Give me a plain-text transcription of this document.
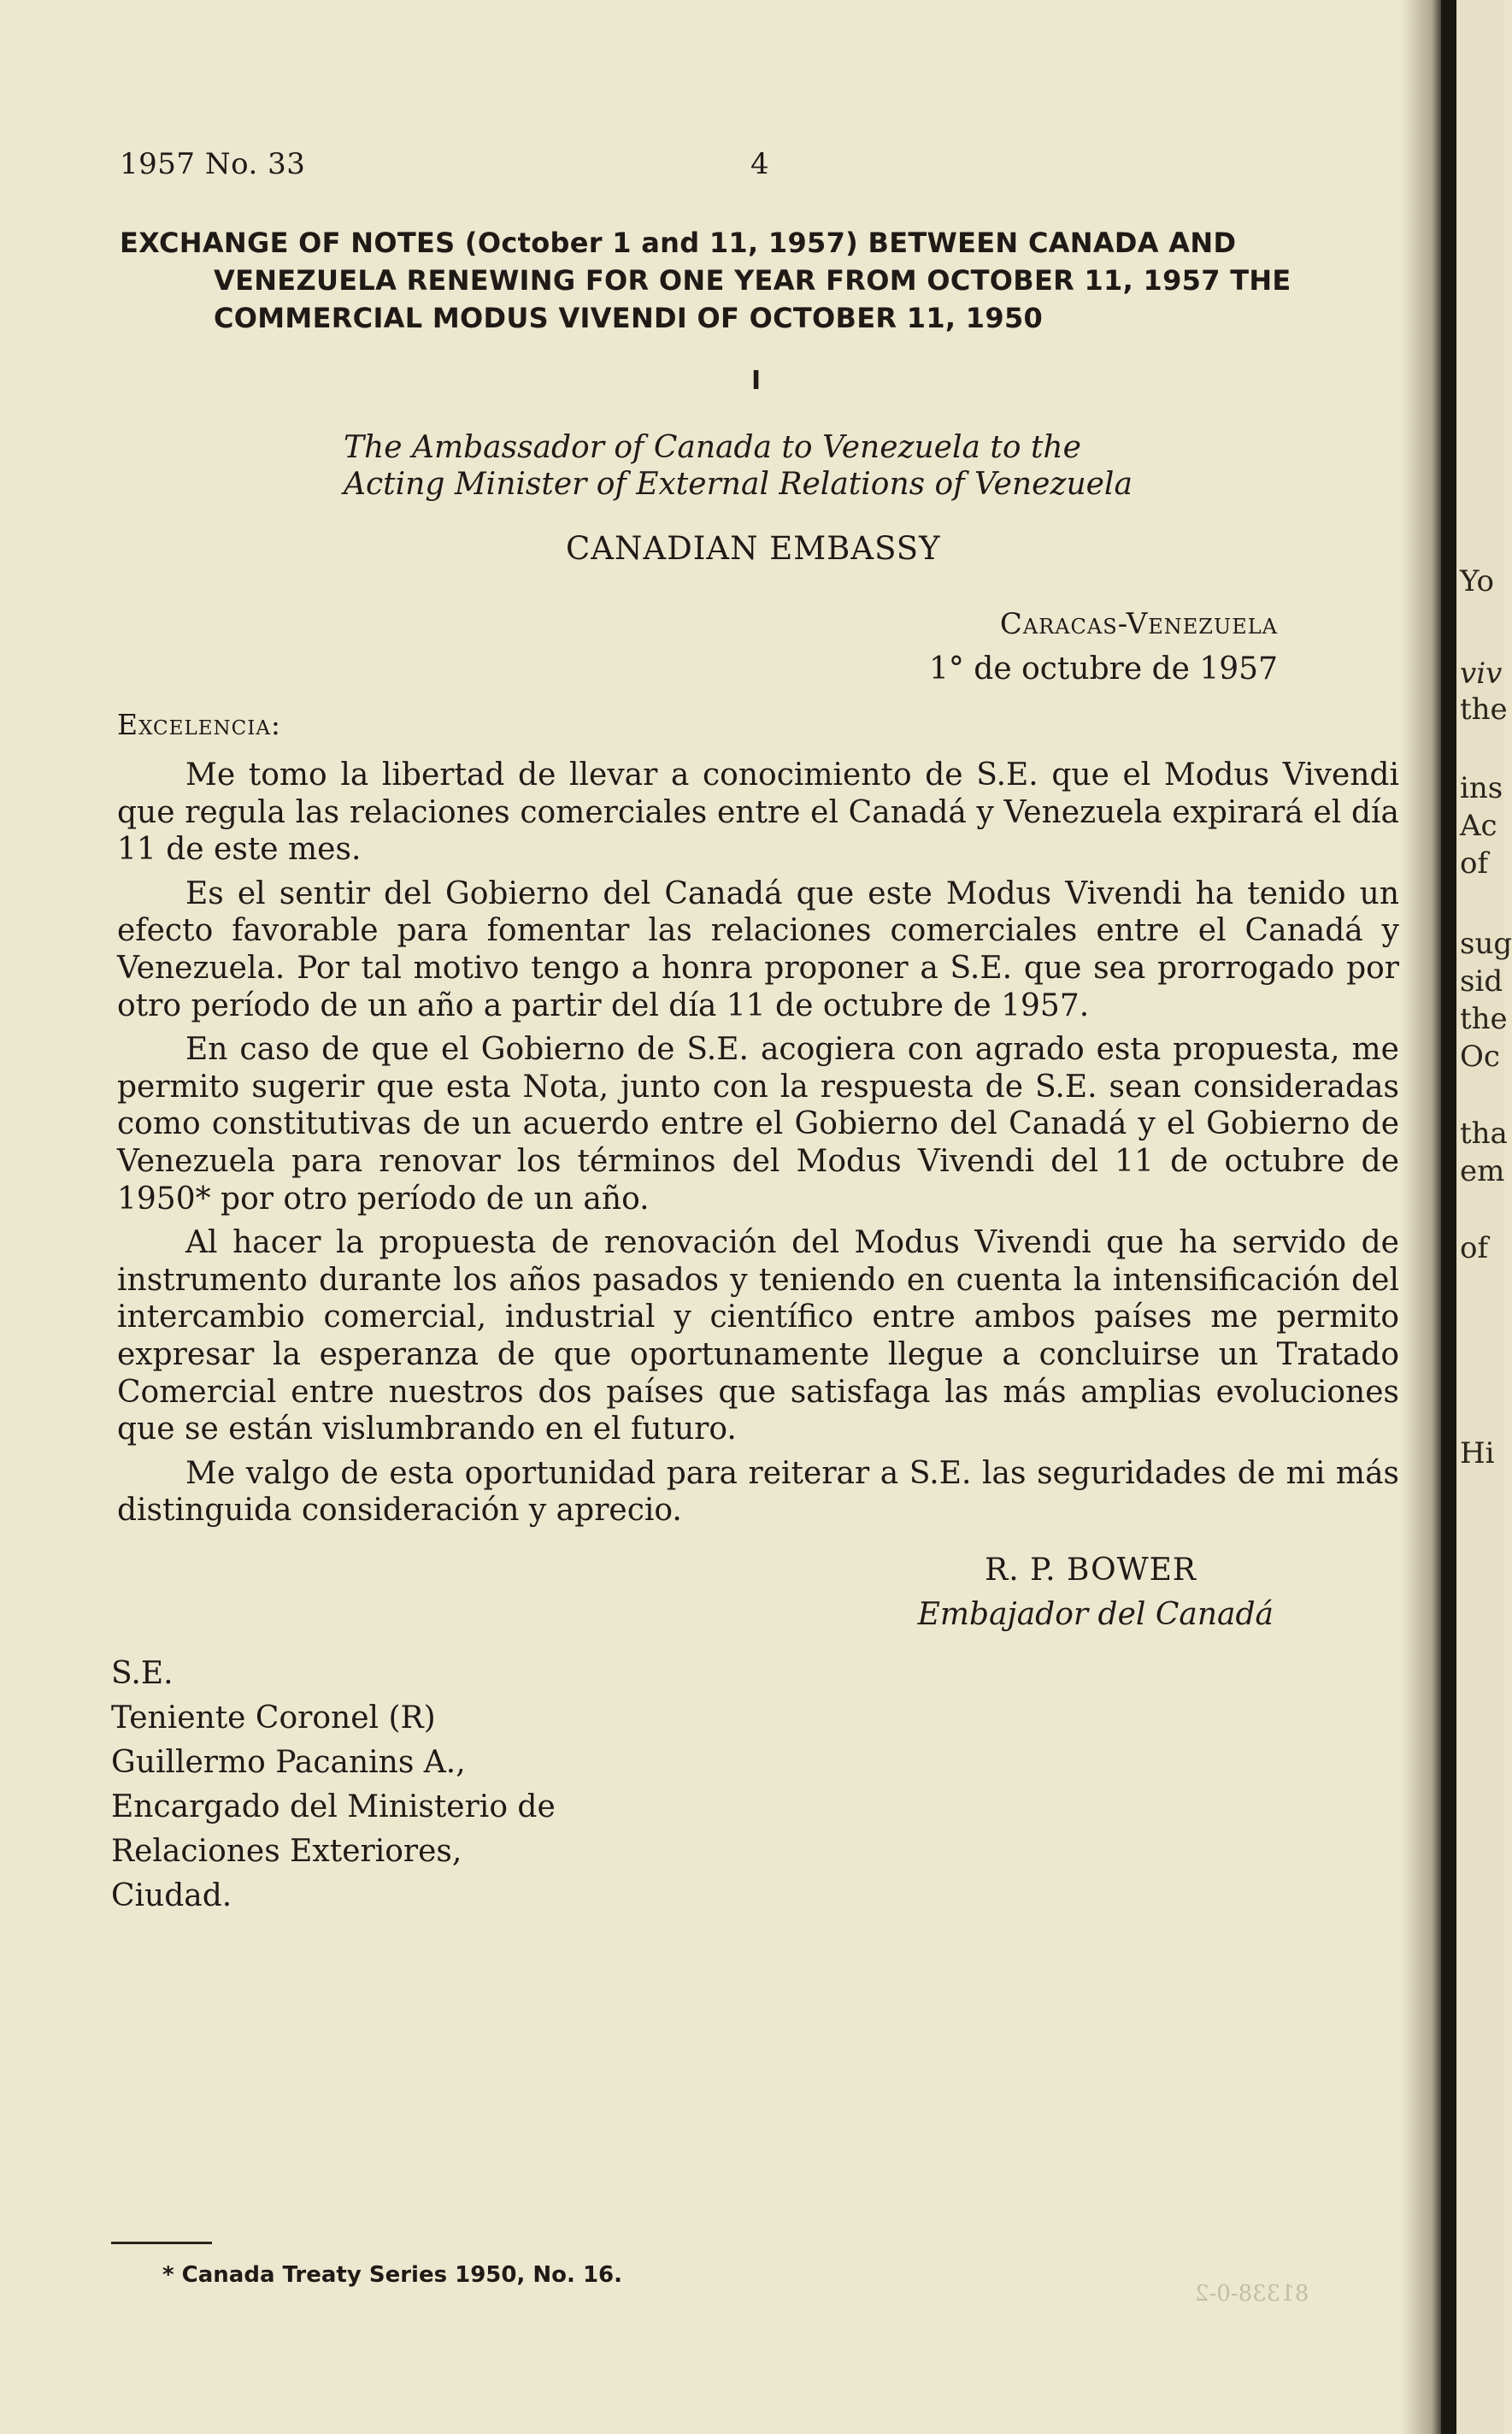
1957 No. 33	4
EXCHANGE OF NOTES (October 1 and 11, 1957) BETWEEN CANADA AND
VENEZUELA RENEWING FOR ONE YEAR FROM OCTOBER 11, 1957 THE
COMMERCIAL MODUS VIVENDI OF OCTOBER 11, 1950
I
The Ambassador of Canada to Venezuela to the
Acting Minister of External Relations of Venezuela
CANADIAN EMBASSY
Caracas-Venezuela
1° de octubre de 1957
Excelencia:

Me tomo la libertad de llevar a conocimiento de S.E. que el Modus Vivendi que regula las relaciones comerciales entre el Canadá y Venezuela expirará el día 11 de este mes.

Es el sentir del Gobierno del Canadá que este Modus Vivendi ha tenido un efecto favorable para fomentar las relaciones comerciales entre el Canadá y Venezuela. Por tal motivo tengo a honra proponer a S.E. que sea prorrogado por otro período de un año a partir del día 11 de octubre de 1957.

En caso de que el Gobierno de S.E. acogiera con agrado esta propuesta, me permito sugerir que esta Nota, junto con la respuesta de S.E. sean consideradas como constitutivas de un acuerdo entre el Gobierno del Canadá y el Gobierno de Venezuela para renovar los términos del Modus Vivendi del 11 de octubre de 1950* por otro período de un año.

Al hacer la propuesta de renovación del Modus Vivendi que ha servido de instrumento durante los años pasados y teniendo en cuenta la intensificación del intercambio comercial, industrial y científico entre ambos países me permito expresar la esperanza de que oportunamente llegue a concluirse un Tratado Comercial entre nuestros dos países que satisfaga las más amplias evoluciones que se están vislumbrando en el futuro.

Me valgo de esta oportunidad para reiterar a S.E. las seguridades de mi más distinguida consideración y aprecio.

R. P. BOWER
Embajador del Canadá
S.E.
Teniente Coronel (R)
Guillermo Pacanins A.,
Encargado del Ministerio de
Relaciones Exteriores,
Ciudad.
* Canada Treaty Series 1950, No. 16.
81338-0-2
Yo
viv
the
ins
Ac
of
sug
sid
the
Oc
tha
em
of
Hi
